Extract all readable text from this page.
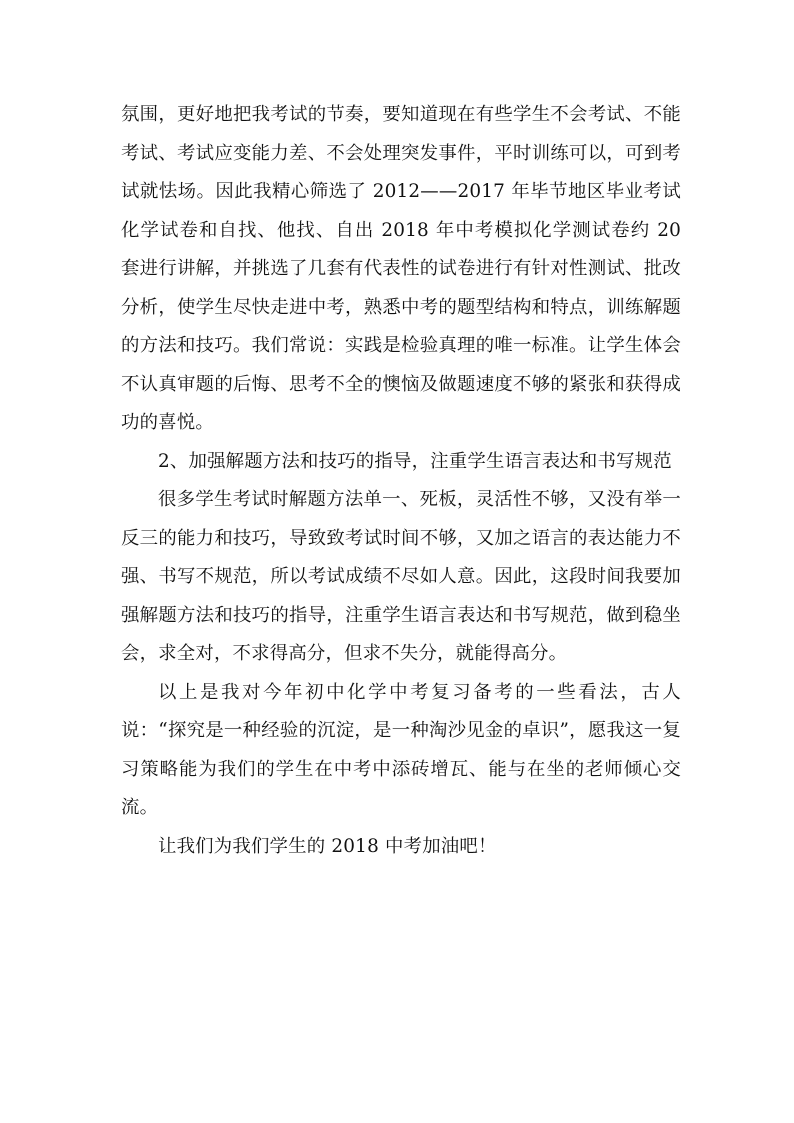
氛围，更好地把我考试的节奏，要知道现在有些学生不会考试、不能考试、考试应变能力差、不会处理突发事件，平时训练可以，可到考试就怯场。因此我精心筛选了 2012——2017 年毕节地区毕业考试化学试卷和自找、他找、自出 2018 年中考模拟化学测试卷约 20 套进行讲解，并挑选了几套有代表性的试卷进行有针对性测试、批改分析，使学生尽快走进中考，熟悉中考的题型结构和特点，训练解题的方法和技巧。我们常说：实践是检验真理的唯一标准。让学生体会不认真审题的后悔、思考不全的懊恼及做题速度不够的紧张和获得成功的喜悦。

2、加强解题方法和技巧的指导，注重学生语言表达和书写规范

很多学生考试时解题方法单一、死板，灵活性不够，又没有举一反三的能力和技巧，导致致考试时间不够，又加之语言的表达能力不强、书写不规范，所以考试成绩不尽如人意。因此，这段时间我要加强解题方法和技巧的指导，注重学生语言表达和书写规范，做到稳坐会，求全对，不求得高分，但求不失分，就能得高分。

以上是我对今年初中化学中考复习备考的一些看法，古人说：“探究是一种经验的沉淀，是一种淘沙见金的卓识”，愿我这一复习策略能为我们的学生在中考中添砖增瓦、能与在坐的老师倾心交流。

让我们为我们学生的 2018 中考加油吧！
